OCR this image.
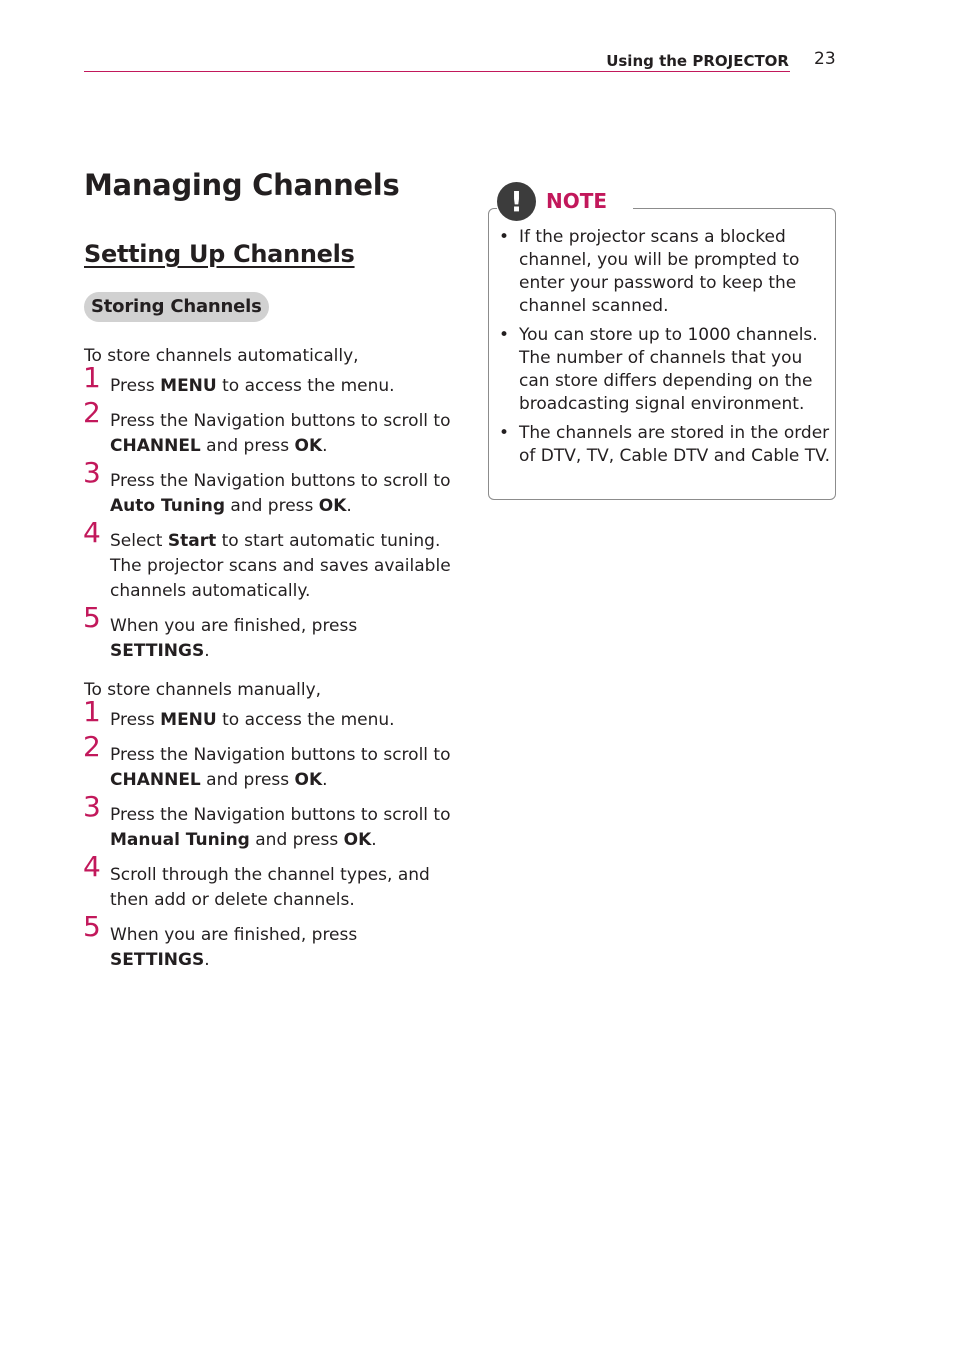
Using the PROJECTOR 23
Managing Channels
Setting Up Channels
Storing Channels
To store channels automatically,
1 Press MENU to access the menu.
2 Press the Navigation buttons to scroll to CHANNEL and press OK.
3 Press the Navigation buttons to scroll to Auto Tuning and press OK.
4 Select Start to start automatic tuning. The projector scans and saves available channels automatically.
5 When you are finished, press SETTINGS.
To store channels manually,
1 Press MENU to access the menu.
2 Press the Navigation buttons to scroll to CHANNEL and press OK.
3 Press the Navigation buttons to scroll to Manual Tuning and press OK.
4 Scroll through the channel types, and then add or delete channels.
5 When you are finished, press SETTINGS.
!	NOTE
• If the projector scans a blocked channel, you will be prompted to enter your password to keep the channel scanned.
• You can store up to 1000 channels. The number of channels that you can store differs depending on the broadcasting signal environment.
• The channels are stored in the order of DTV, TV, Cable DTV and Cable TV.
